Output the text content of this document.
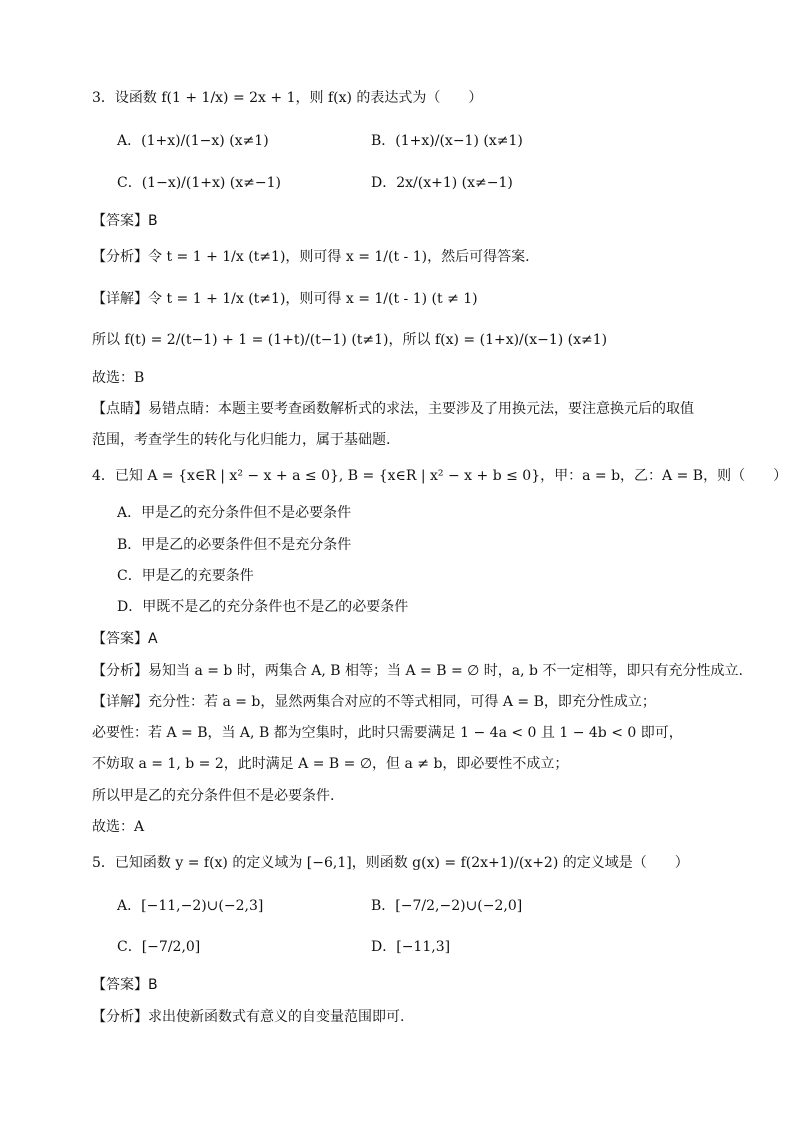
3．设函数 f(1 + 1/x) = 2x + 1，则 f(x) 的表达式为（　　）
A．(1+x)/(1−x) (x≠1)	B．(1+x)/(x−1) (x≠1)
C．(1−x)/(1+x) (x≠−1)	D．2x/(x+1) (x≠−1)
【答案】B
【分析】令 t = 1 + 1/x (t≠1)，则可得 x = 1/(t - 1)，然后可得答案.
【详解】令 t = 1 + 1/x (t≠1)，则可得 x = 1/(t - 1) (t ≠ 1)
所以 f(t) = 2/(t−1) + 1 = (1+t)/(t−1) (t≠1)，所以 f(x) = (1+x)/(x−1) (x≠1)
故选：B
【点睛】易错点睛：本题主要考查函数解析式的求法，主要涉及了用换元法，要注意换元后的取值
范围，考查学生的转化与化归能力，属于基础题.
4．已知 A = {x∈R | x² − x + a ≤ 0}, B = {x∈R | x² − x + b ≤ 0}，甲：a = b，乙：A = B，则（　　）
A．甲是乙的充分条件但不是必要条件
B．甲是乙的必要条件但不是充分条件
C．甲是乙的充要条件
D．甲既不是乙的充分条件也不是乙的必要条件
【答案】A
【分析】易知当 a = b 时，两集合 A, B 相等；当 A = B = ∅ 时，a, b 不一定相等，即只有充分性成立.
【详解】充分性：若 a = b，显然两集合对应的不等式相同，可得 A = B，即充分性成立；
必要性：若 A = B，当 A, B 都为空集时，此时只需要满足 1 − 4a < 0 且 1 − 4b < 0 即可，
不妨取 a = 1, b = 2，此时满足 A = B = ∅，但 a ≠ b，即必要性不成立；
所以甲是乙的充分条件但不是必要条件.
故选：A
5．已知函数 y = f(x) 的定义域为 [−6,1]，则函数 g(x) = f(2x+1)/(x+2) 的定义域是（　　）
A．[−11,−2)∪(−2,3]	B．[−7/2,−2)∪(−2,0]
C．[−7/2,0]	D．[−11,3]
【答案】B
【分析】求出使新函数式有意义的自变量范围即可.
